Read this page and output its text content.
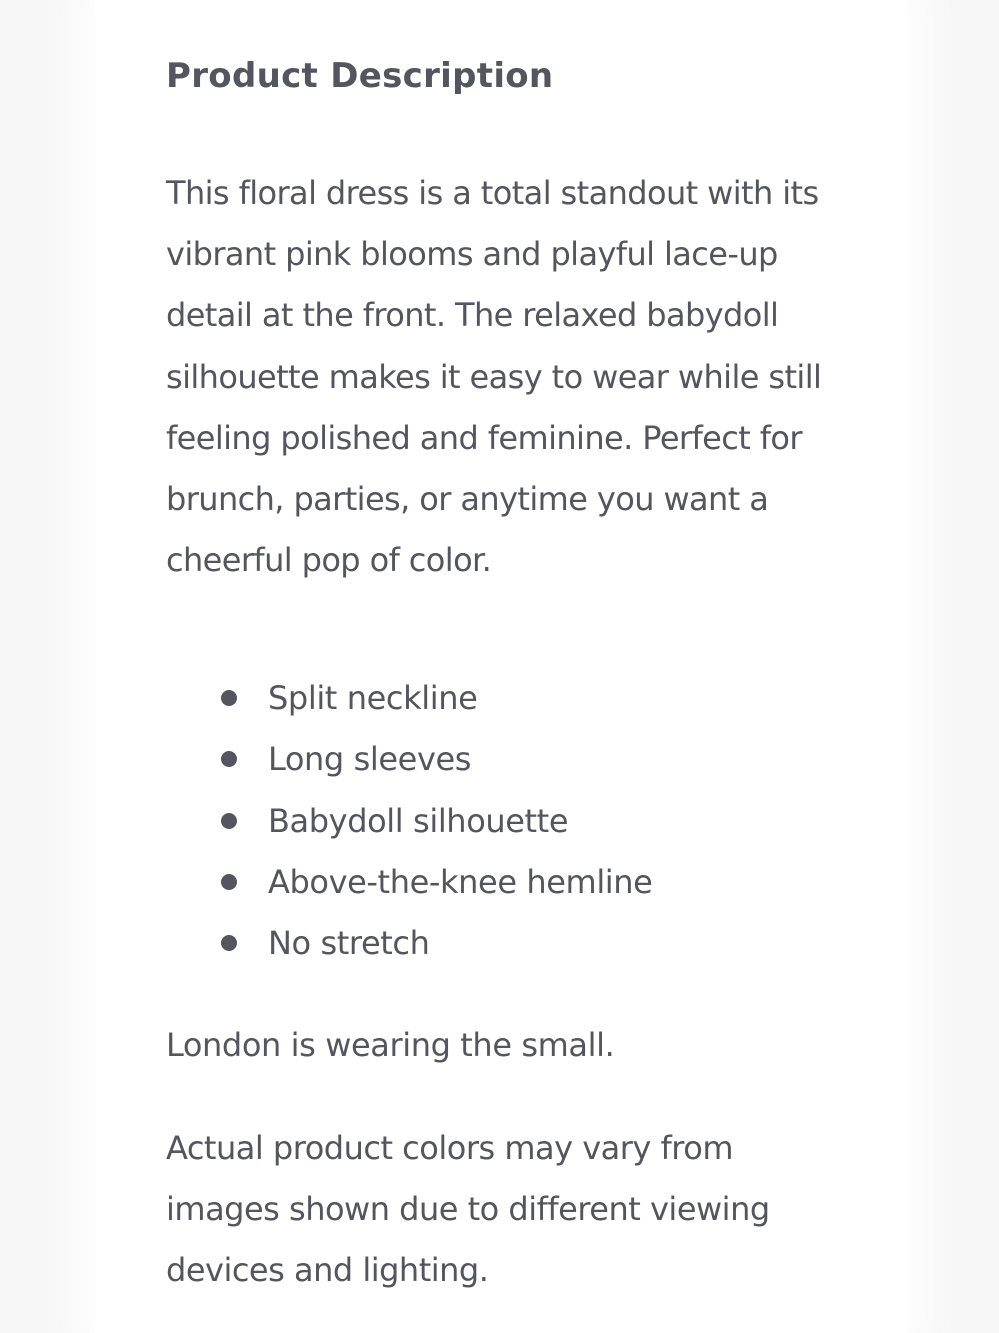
Product Description
This floral dress is a total standout with its
vibrant pink blooms and playful lace-up
detail at the front. The relaxed babydoll
silhouette makes it easy to wear while still
feeling polished and feminine. Perfect for
brunch, parties, or anytime you want a
cheerful pop of color.
Split neckline
Long sleeves
Babydoll silhouette
Above-the-knee hemline
No stretch

London is wearing the small.

Actual product colors may vary from
images shown due to different viewing
devices and lighting.
